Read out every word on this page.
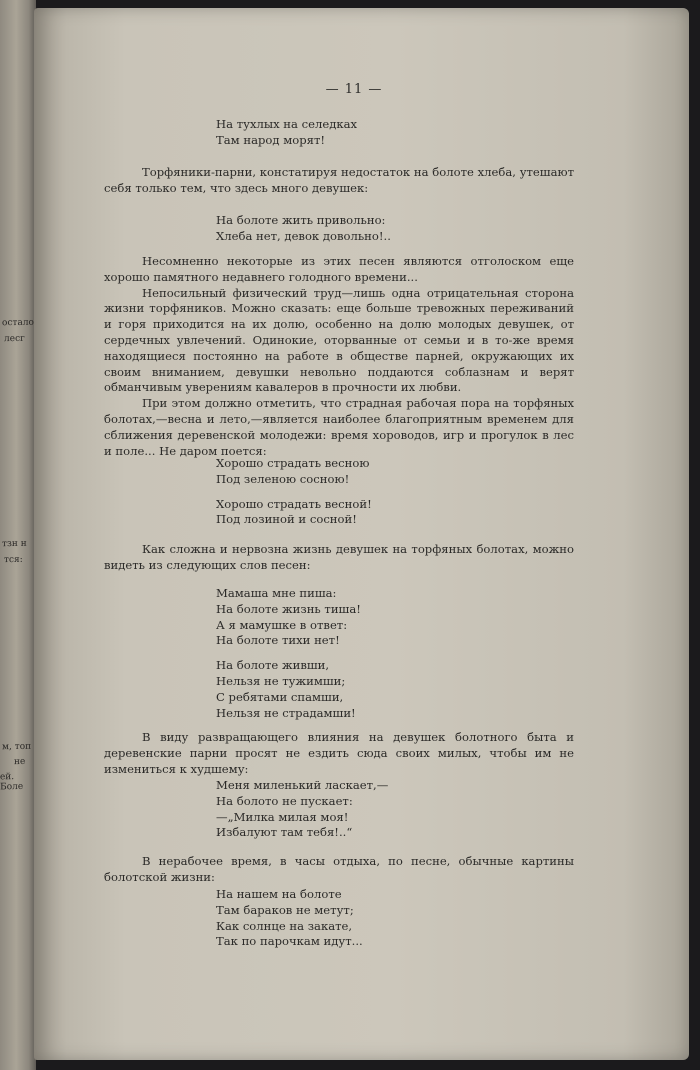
остало
лесг
тзн н
тся:
м, топ
не
ей. Боле
— 11 —
На тухлых на селедках
Там народ морят!

Торфяники-парни, констатируя недостаток на болоте хлеба, утешают себя только тем, что здесь много девушек:

На болоте жить привольно:
Хлеба нет, девок довольно!..

Несомненно некоторые из этих песен являются отголоском еще хорошо памятного недавнего голодного времени...

Непосильный физический труд—лишь одна отрицательная сторона жизни торфяников. Можно сказать: еще больше тревожных переживаний и горя приходится на их долю, особенно на долю молодых девушек, от сердечных увлечений. Одинокие, оторванные от семьи и в то-же время находящиеся постоянно на работе в обществе парней, окружающих их своим вниманием, девушки невольно поддаются соблазнам и верят обманчивым уверениям кавалеров в прочности их любви.

При этом должно отметить, что страдная рабочая пора на торфяных болотах,—весна и лето,—является наиболее благоприятным временем для сближения деревенской молодежи: время хороводов, игр и прогулок в лес и поле... Не даром поется:

Хорошо страдать весною
Под зеленою сосною!
Хорошо страдать весной!
Под лозиной и сосной!

Как сложна и нервозна жизнь девушек на торфяных болотах, можно видеть из следующих слов песен:

Мамаша мне пиша:
На болоте жизнь тиша!
А я мамушке в ответ:
На болоте тихи нет!
На болоте живши,
Нельзя не тужимши;
С ребятами спамши,
Нельзя не страдамши!

В виду развращающего влияния на девушек болотного быта и деревенские парни просят не ездить сюда своих милых, чтобы им не измениться к худшему:

Меня миленький ласкает,—
На болото не пускает:
—„Милка милая моя!
Избалуют там тебя!..“

В нерабочее время, в часы отдыха, по песне, обычные картины болотской жизни:

На нашем на болоте
Там бараков не метут;
Как солнце на закате,
Так по парочкам идут...
